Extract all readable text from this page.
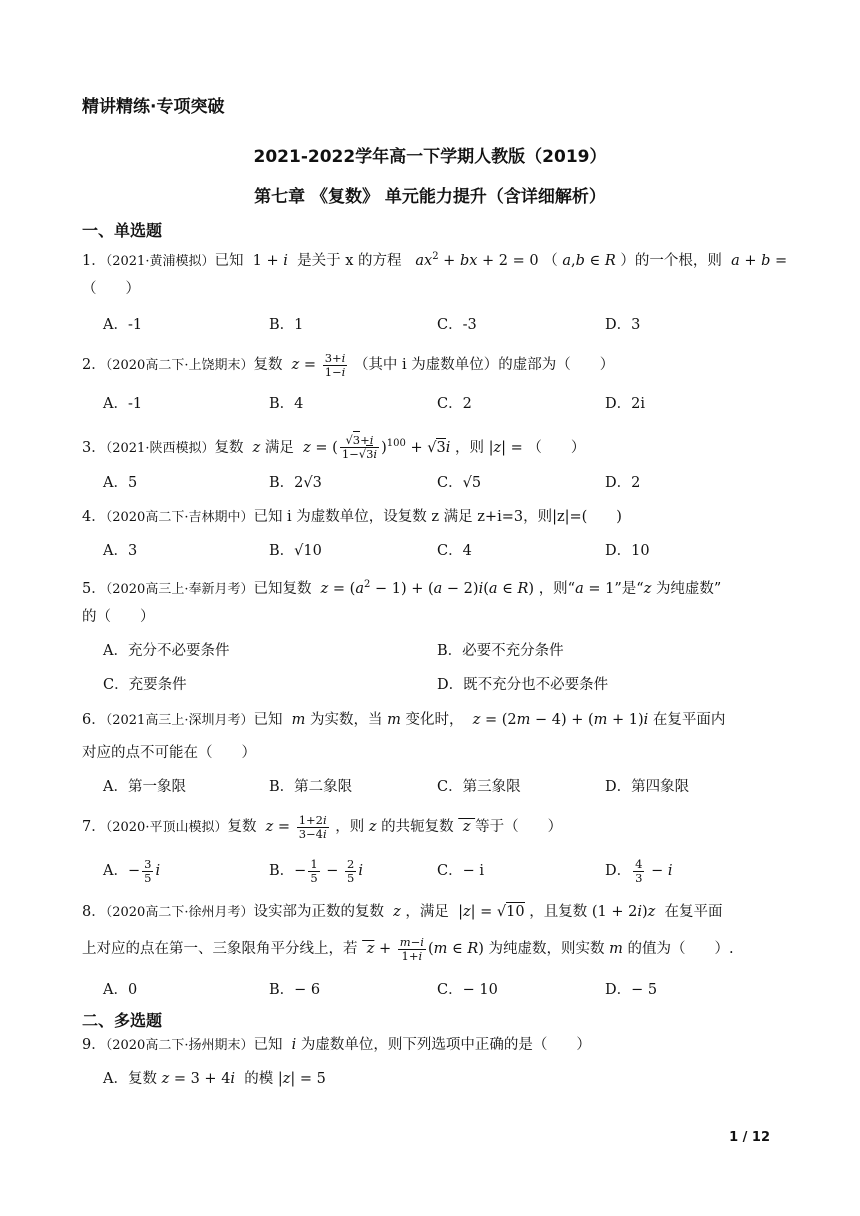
精讲精练·专项突破
2021-2022学年高一下学期人教版（2019）
第七章 《复数》 单元能力提升（含详细解析）
一、单选题
1．（2021·黄浦模拟）已知  1 + i 是关于 x 的方程 $ax^2$ + bx + 2 = 0 （ a,b ∈ R ）的一个根，则  a + b =
（　　）
A．-1	B．1	C．-3	D．3
2．（2020高二下·上饶期末）复数  $z = \frac{3+i}{1-i}$ （其中 i 为虚数单位）的虚部为（　　）
A．-1	B．4	C．2	D．2i
3．（2021·陕西模拟）复数  z 满足  z = ( $\frac{√3+i}{1-√3i} )^{100} + √3i$ ，则 |z| = （　　）
A．5	B．2√3	C．√5	D．2
4．（2020高二下·吉林期中）已知 i 为虚数单位，设复数 z 满足 z+i=3，则|z|=(　　)
A．3	B．√10	C．4	D．10
5．（2020高三上·奉新月考）已知复数  $z = (a^2 - 1) + (a - 2)i(a$ ∈ R) ，则“a = 1”是“z 为纯虚数”
的（　　）
A．充分不必要条件	B．必要不充分条件
C．充要条件	D．既不充分也不必要条件
6．（2021高三上·深圳月考）已知  m 为实数，当 m 变化时，  z = (2m − 4) + (m + 1)i 在复平面内
对应的点不可能在（　　）
A．第一象限	B．第二象限	C．第三象限	D．第四象限
7．（2020·平顶山模拟）复数  $z = \frac{1+2i}{3-4i}$ ，则 z 的共轭复数  z 等于（　　）
A．− $\frac{3}{5}$ i	B．− $\frac{1}{5} - \frac{2}{5}$ i	C．− i	D． $\frac{4}{3} - i$
8．（2020高二下·徐州月考）设实部为正数的复数  z ，满足  |z| = √10 ，且复数 (1 + 2i)z  在复平面
上对应的点在第一、三象限角平分线上，若  $z + \frac{m-i}{1+i} (m$ ∈ R) 为纯虚数，则实数 m 的值为（　　）.
A．0	B．− 6	C．− 10	D．− 5
二、多选题
9．（2020高二下·扬州期末）已知  i 为虚数单位，则下列选项中正确的是（　　）
A．复数 z = 3 + 4i  的模 |z| = 5
1 / 12
